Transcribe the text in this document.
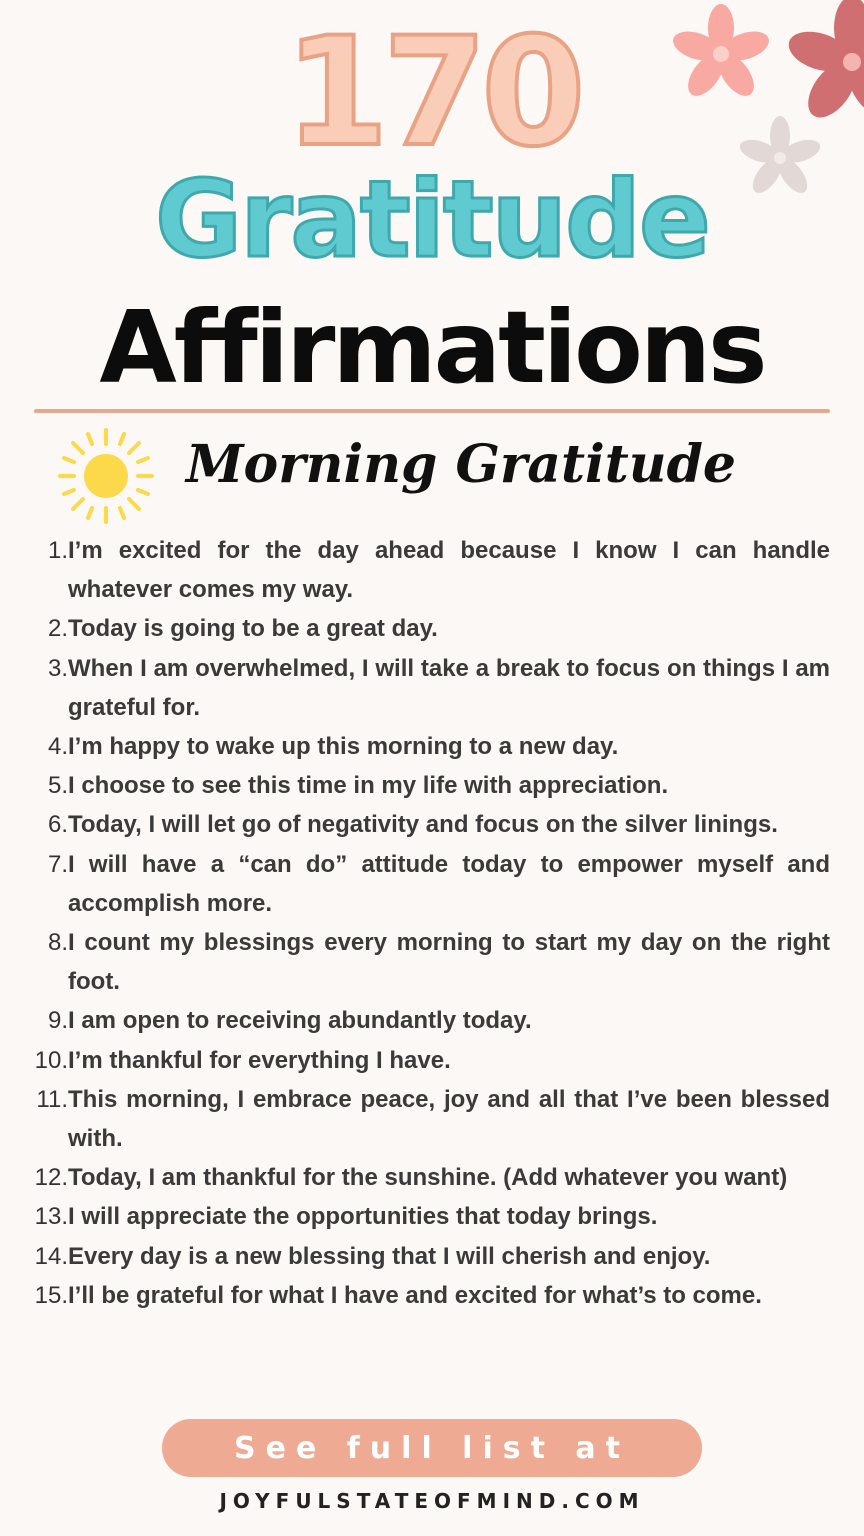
170
Gratitude
Affirmations
Morning Gratitude
1. I’m excited for the day ahead because I know I can handle whatever comes my way.
2. Today is going to be a great day.
3. When I am overwhelmed, I will take a break to focus on things I am grateful for.
4. I’m happy to wake up this morning to a new day.
5. I choose to see this time in my life with appreciation.
6. Today, I will let go of negativity and focus on the silver linings.
7. I will have a “can do” attitude today to empower myself and accomplish more.
8. I count my blessings every morning to start my day on the right foot.
9. I am open to receiving abundantly today.
10. I’m thankful for everything I have.
11. This morning, I embrace peace, joy and all that I’ve been blessed with.
12. Today, I am thankful for the sunshine. (Add whatever you want)
13. I will appreciate the opportunities that today brings.
14. Every day is a new blessing that I will cherish and enjoy.
15. I’ll be grateful for what I have and excited for what’s to come.
See full list at
JOYFULSTATEOFMIND.COM
